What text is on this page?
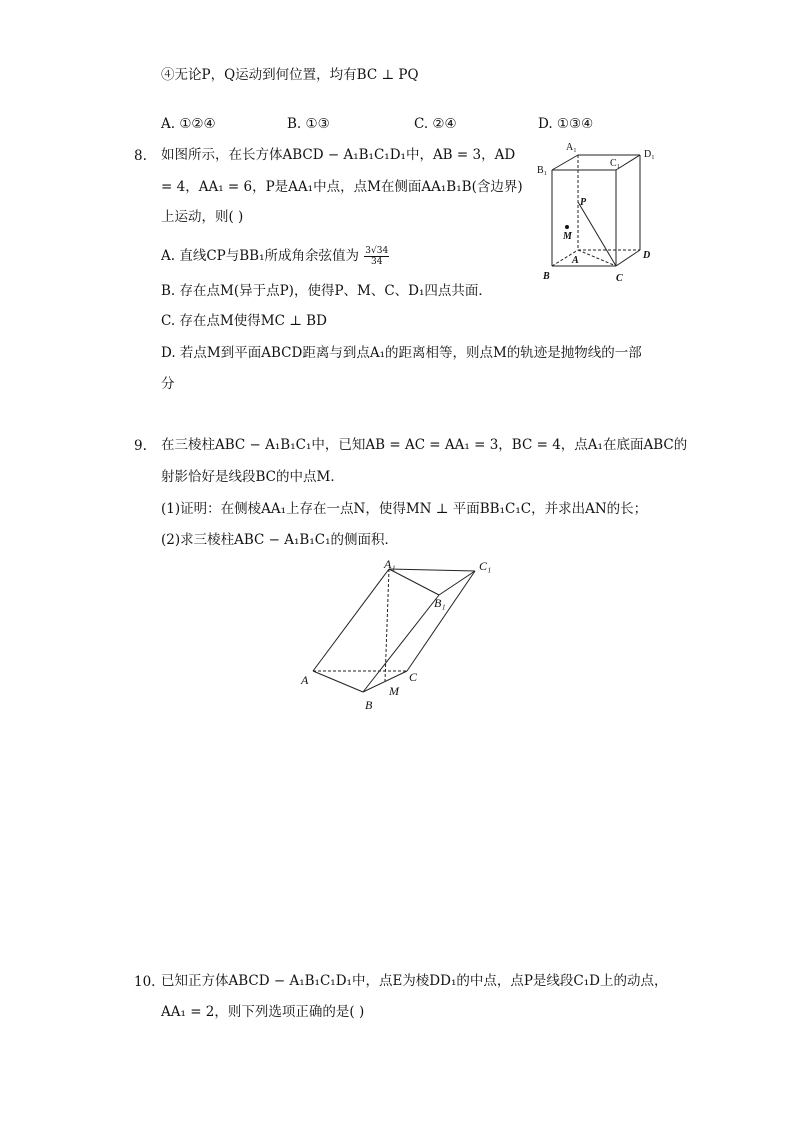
④无论P，Q运动到何位置，均有BC ⊥ PQ
A. ①②④	B. ①③	C. ②④	D. ①③④
8. 如图所示，在长方体ABCD − A₁B₁C₁D₁中，AB = 3，AD
= 4，AA₁ = 6，P是AA₁中点，点M在侧面AA₁B₁B(含边界)
上运动，则( )
A. 直线CP与BB₁所成角余弦值为 $\frac{3√34}{34}$
B. 存在点M(异于点P)，使得P、M、C、D₁四点共面．
C. 存在点M使得MC ⊥ BD
D. 若点M到平面ABCD距离与到点A₁的距离相等，则点M的轨迹是抛物线的一部
分
A₁
B₁
C₁
D₁
P
M
A
B	C
D
9. 在三棱柱ABC − A₁B₁C₁中，已知AB = AC = AA₁ = 3，BC = 4，点A₁在底面ABC的
射影恰好是线段BC的中点M．
(1)证明：在侧棱AA₁上存在一点N，使得MN ⊥ 平面BB₁C₁C，并求出AN的长；
(2)求三棱柱ABC − A₁B₁C₁的侧面积．
A₁	C₁
B₁
A
B
C
M
10. 已知正方体ABCD − A₁B₁C₁D₁中，点E为棱DD₁的中点，点P是线段C₁D上的动点，
AA₁ = 2，则下列选项正确的是( )
